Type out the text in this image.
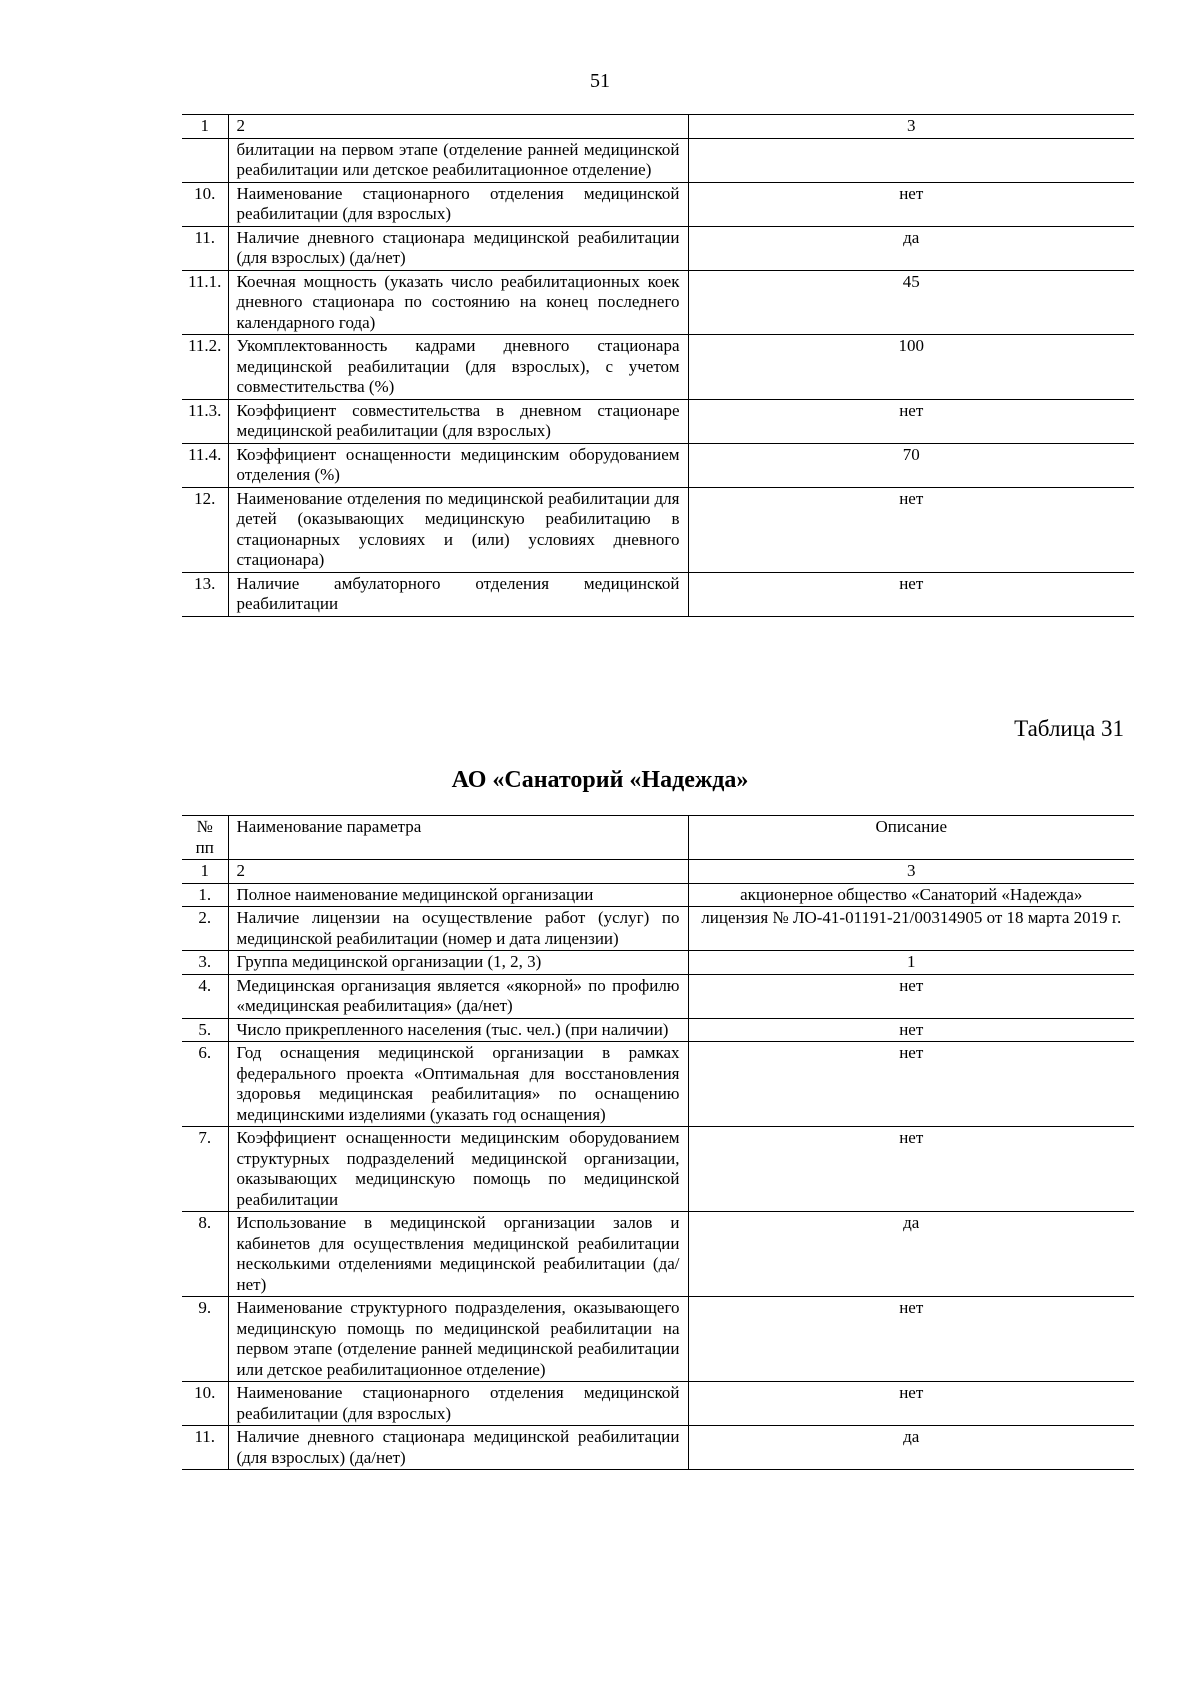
51
1	2	3
	билитации на первом этапе (отделение ранней медицинской реабилитации или детское реабилитационное отделение)	
10.	Наименование стационарного отделения медицинской реабилитации (для взрослых)	нет
11.	Наличие дневного стационара медицинской реабилитации (для взрослых) (да/нет)	да
11.1.	Коечная мощность (указать число реабилитационных коек дневного стационара по состоянию на конец последнего календарного года)	45
11.2.	Укомплектованность кадрами дневного стационара медицинской реабилитации (для взрослых), с учетом совместительства (%)	100
11.3.	Коэффициент совместительства в дневном стационаре медицинской реабилитации (для взрослых)	нет
11.4.	Коэффициент оснащенности медицинским оборудованием отделения (%)	70
12.	Наименование отделения по медицинской реабилитации для детей (оказывающих медицинскую реабилитацию в стационарных условиях и (или) условиях дневного стационара)	нет
13.	Наличие амбулаторного отделения медицинской реабилитации	нет
Таблица 31
АО «Санаторий «Надежда»
№ пп	Наименование параметра	Описание
1	2	3
1.	Полное наименование медицинской организации	акционерное общество «Санаторий «Надежда»
2.	Наличие лицензии на осуществление работ (услуг) по медицинской реабилитации (номер и дата лицензии)	лицензия № ЛО-41-01191-21/00314905 от 18 марта 2019 г.
3.	Группа медицинской организации (1, 2, 3)	1
4.	Медицинская организация является «якорной» по профилю «медицинская реабилитация» (да/нет)	нет
5.	Число прикрепленного населения (тыс. чел.) (при наличии)	нет
6.	Год оснащения медицинской организации в рамках федерального проекта «Оптимальная для восстановления здоровья медицинская реабилитация» по оснащению медицинскими изделиями (указать год оснащения)	нет
7.	Коэффициент оснащенности медицинским оборудованием структурных подразделений медицинской организации, оказывающих медицинскую помощь по медицинской реабилитации	нет
8.	Использование в медицинской организации залов и кабинетов для осуществления медицинской реабилитации несколькими отделениями медицинской реабилитации (да/нет)	да
9.	Наименование структурного подразделения, оказывающего медицинскую помощь по медицинской реабилитации на первом этапе (отделение ранней медицинской реабилитации или детское реабилитационное отделение)	нет
10.	Наименование стационарного отделения медицинской реабилитации (для взрослых)	нет
11.	Наличие дневного стационара медицинской реабилитации (для взрослых) (да/нет)	да
